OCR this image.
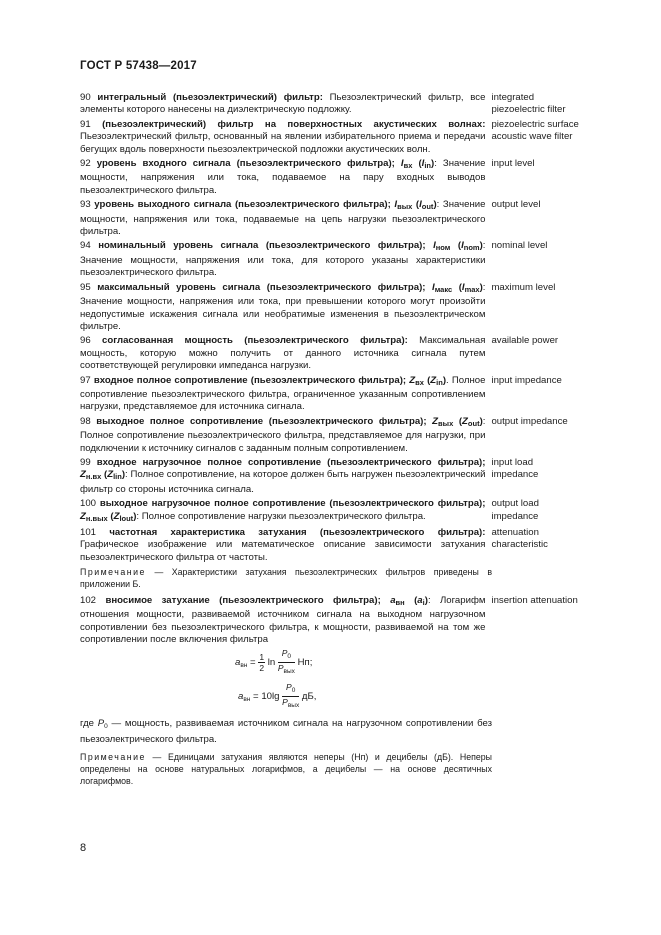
ГОСТ Р 57438—2017
90 интегральный (пьезоэлектрический) фильтр: Пьезоэлектрический фильтр, все элементы которого нанесены на диэлектрическую подложку.
integrated piezoelectric filter
91 (пьезоэлектрический) фильтр на поверхностных акустических волнах: Пьезоэлектрический фильтр, основанный на явлении избирательного приема и передачи бегущих вдоль поверхности пьезоэлектрической подложки акустических волн.
piezoelectric surface acoustic wave filter
92 уровень входного сигнала (пьезоэлектрического фильтра); $I_{вх}$ $(I_{in})$: Значение мощности, напряжения или тока, подаваемое на пару входных выводов пьезоэлектрического фильтра.
input level
93 уровень выходного сигнала (пьезоэлектрического фильтра); $I_{вых}$ $(I_{out})$: Значение мощности, напряжения или тока, подаваемые на цепь нагрузки пьезоэлектрического фильтра.
output level
94 номинальный уровень сигнала (пьезоэлектрического фильтра); $I_{ном}$ $(I_{nom})$: Значение мощности, напряжения или тока, для которого указаны характеристики пьезоэлектрического фильтра.
nominal level
95 максимальный уровень сигнала (пьезоэлектрического фильтра); $I_{макс}$ $(I_{max})$: Значение мощности, напряжения или тока, при превышении которого могут произойти недопустимые искажения сигнала или необратимые изменения в пьезоэлектрическом фильтре.
maximum level
96 согласованная мощность (пьезоэлектрического фильтра): Максимальная мощность, которую можно получить от данного источника сигнала путем соответствующей регулировки импеданса нагрузки.
available power
97 входное полное сопротивление (пьезоэлектрического фильтра); $Z_{вх}$ $(Z_{in})$. Полное сопротивление пьезоэлектрического фильтра, ограниченное указанным сопротивлением нагрузки, представляемое для источника сигнала.
input impedance
98 выходное полное сопротивление (пьезоэлектрического фильтра); $Z_{вых}$ $(Z_{out})$: Полное сопротивление пьезоэлектрического фильтра, представляемое для нагрузки, при подключении к источнику сигналов с заданным полным сопротивлением.
output impedance
99 входное нагрузочное полное сопротивление (пьезоэлектрического фильтра); $Z_{н.вх}$ $(Z_{lin})$: Полное сопротивление, на которое должен быть нагружен пьезоэлектрический фильтр со стороны источника сигнала.
input load impedance
100 выходное нагрузочное полное сопротивление (пьезоэлектрического фильтра); $Z_{н.вых}$ $(Z_{lout})$: Полное сопротивление нагрузки пьезоэлектрического фильтра.
output load impedance
101 частотная характеристика затухания (пьезоэлектрического фильтра): Графическое изображение или математическое описание зависимости затухания пьезоэлектрического фильтра от частоты.
attenuation characteristic
Примечание — Характеристики затухания пьезоэлектрических фильтров приведены в приложении Б.
102 вносимое затухание (пьезоэлектрического фильтра); $a_{вн}$ $(a_i)$: Логарифм отношения мощности, развиваемой источником сигнала на выходном нагрузочном сопротивлении без пьезоэлектрического фильтра, к мощности, развиваемой на том же сопротивлении после включения фильтра
insertion attenuation
$a_{вн} = \frac{1}{2}$ $\ln \frac{P_0}{P_{вых}}$ Нп;
$a_{вн} = 10\lg \frac{P_0}{P_{вых}}$ дБ,
где $P_0$ — мощность, развиваемая источником сигнала на нагрузочном сопротивлении без пьезоэлектрического фильтра.
Примечание — Единицами затухания являются неперы (Нп) и децибелы (дБ). Неперы определены на основе натуральных логарифмов, а децибелы — на основе десятичных логарифмов.
8
